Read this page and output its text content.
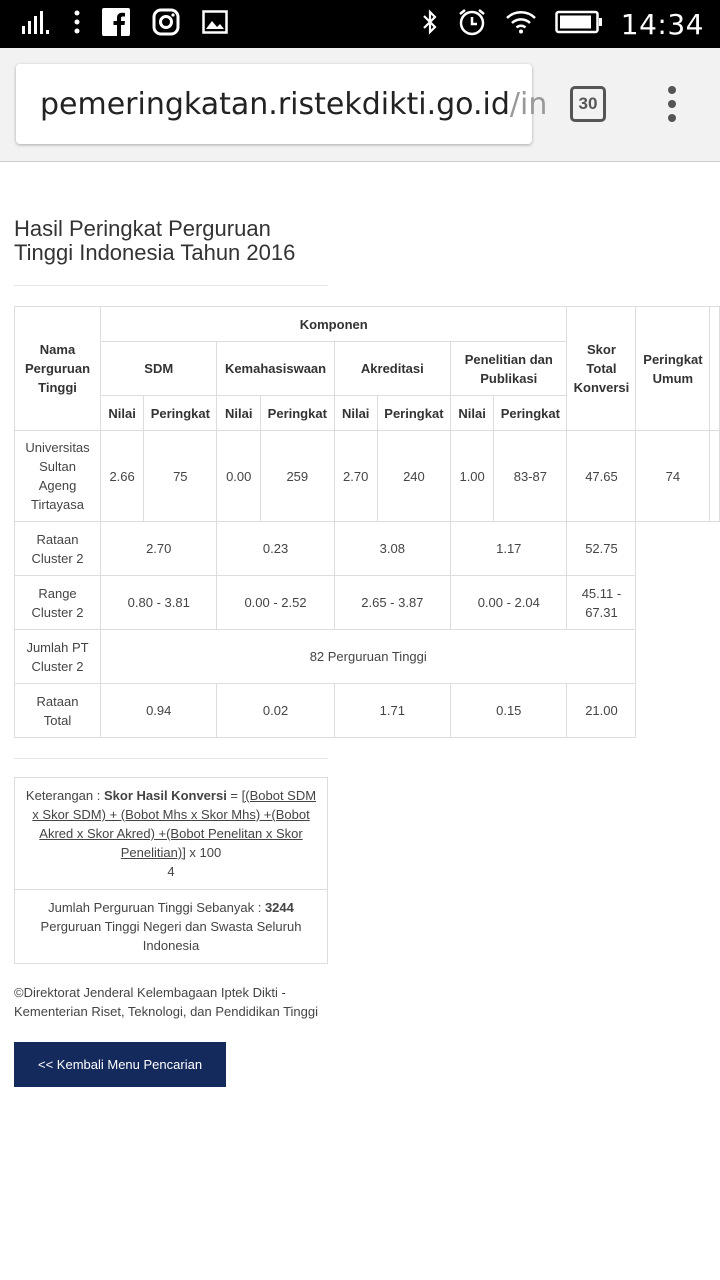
14:34
pemeringkatan.ristekdikti.go.id /in 30
Hasil Peringkat Perguruan Tinggi Indonesia Tahun 2016
Nama Perguruan Tinggi	Komponen								Skor Total Konversi	Peringkat Umum	
	SDM		Kemahasiswaan		Akreditasi		Penelitian dan Publikasi				
	Nilai	Peringkat	Nilai	Peringkat	Nilai	Peringkat	Nilai	Peringkat			
Universitas Sultan Ageng Tirtayasa	2.66	75	0.00	259	2.70	240	1.00	83-87	47.65	74	
Rataan Cluster 2	2.70		0.23		3.08		1.17		52.75		
Range Cluster 2	0.80 - 3.81		0.00 - 2.52		2.65 - 3.87		0.00 - 2.04		45.11 - 67.31		
Jumlah PT Cluster 2	82 Perguruan Tinggi										
Rataan Total	0.94		0.02		1.71		0.15		21.00		
Keterangan : Skor Hasil Konversi = [(Bobot SDM x Skor SDM) + (Bobot Mhs x Skor Mhs) +(Bobot Akred x Skor Akred) +(Bobot Penelitan x Skor Penelitian)] x 100
4
Jumlah Perguruan Tinggi Sebanyak : 3244 Perguruan Tinggi Negeri dan Swasta Seluruh Indonesia
©Direktorat Jenderal Kelembagaan Iptek Dikti - Kementerian Riset, Teknologi, dan Pendidikan Tinggi
<< Kembali Menu Pencarian
